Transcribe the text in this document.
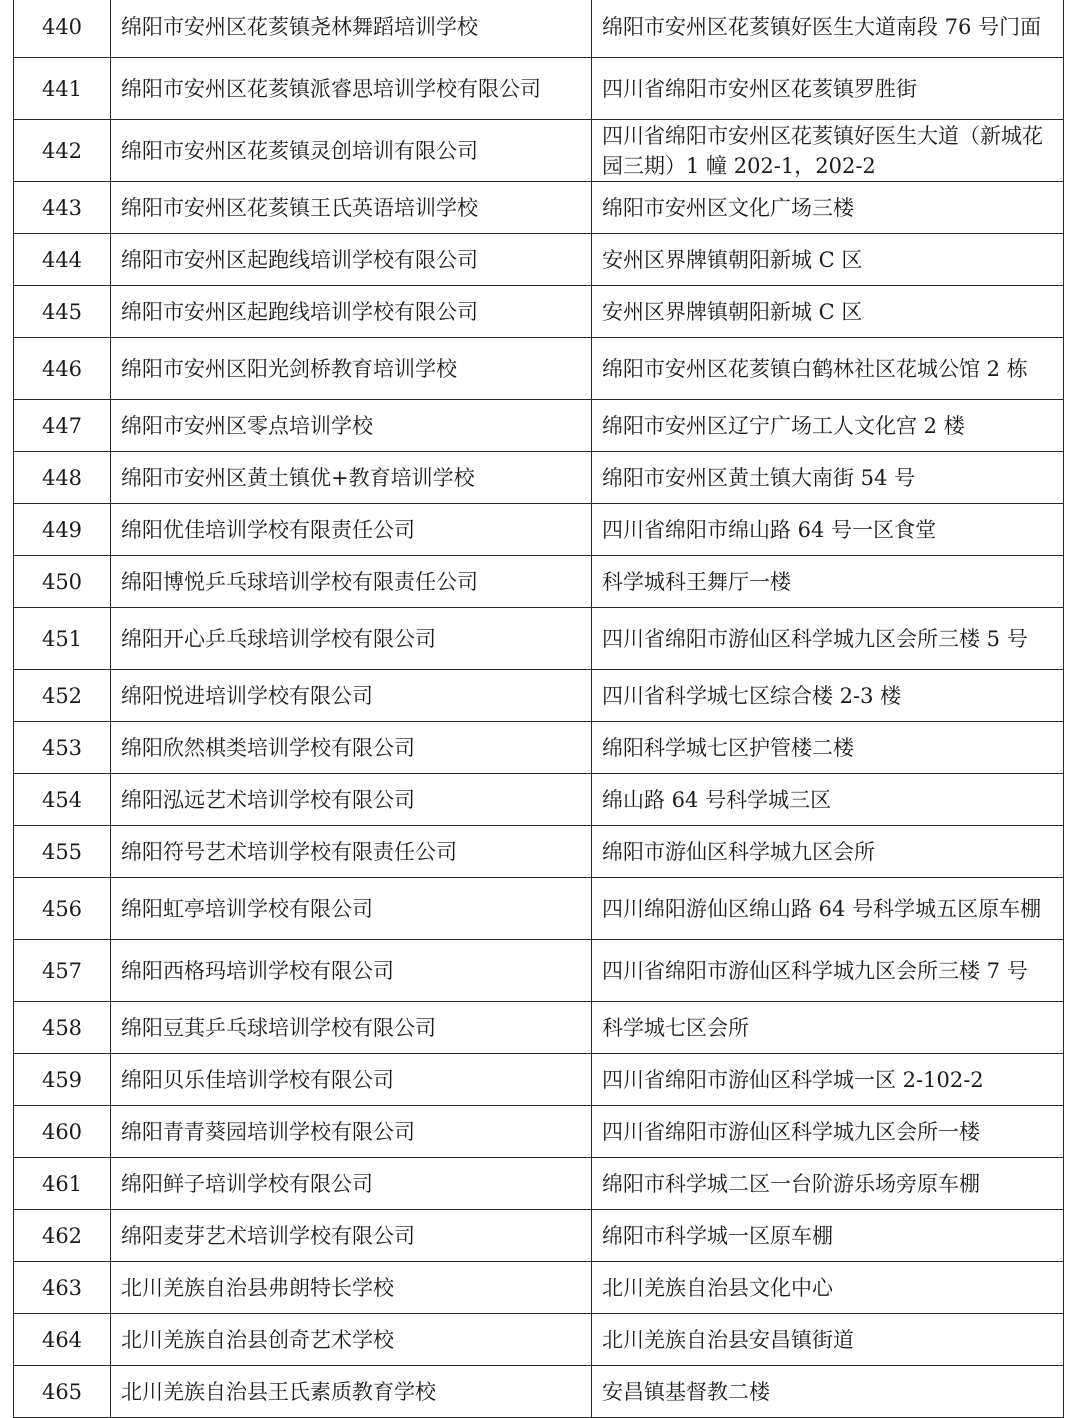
440	绵阳市安州区花荄镇尧林舞蹈培训学校	绵阳市安州区花荄镇好医生大道南段 76 号门面
441	绵阳市安州区花荄镇派睿思培训学校有限公司	四川省绵阳市安州区花荄镇罗胜街
442	绵阳市安州区花荄镇灵创培训有限公司	四川省绵阳市安州区花荄镇好医生大道（新城花园三期）1 幢 202-1，202-2
443	绵阳市安州区花荄镇王氏英语培训学校	绵阳市安州区文化广场三楼
444	绵阳市安州区起跑线培训学校有限公司	安州区界牌镇朝阳新城 C 区
445	绵阳市安州区起跑线培训学校有限公司	安州区界牌镇朝阳新城 C 区
446	绵阳市安州区阳光剑桥教育培训学校	绵阳市安州区花荄镇白鹤林社区花城公馆 2 栋
447	绵阳市安州区零点培训学校	绵阳市安州区辽宁广场工人文化宫 2 楼
448	绵阳市安州区黄土镇优+教育培训学校	绵阳市安州区黄土镇大南街 54 号
449	绵阳优佳培训学校有限责任公司	四川省绵阳市绵山路 64 号一区食堂
450	绵阳博悦乒乓球培训学校有限责任公司	科学城科王舞厅一楼
451	绵阳开心乒乓球培训学校有限公司	四川省绵阳市游仙区科学城九区会所三楼 5 号
452	绵阳悦进培训学校有限公司	四川省科学城七区综合楼 2-3 楼
453	绵阳欣然棋类培训学校有限公司	绵阳科学城七区护管楼二楼
454	绵阳泓远艺术培训学校有限公司	绵山路 64 号科学城三区
455	绵阳符号艺术培训学校有限责任公司	绵阳市游仙区科学城九区会所
456	绵阳虹亭培训学校有限公司	四川绵阳游仙区绵山路 64 号科学城五区原车棚
457	绵阳西格玛培训学校有限公司	四川省绵阳市游仙区科学城九区会所三楼 7 号
458	绵阳豆萁乒乓球培训学校有限公司	科学城七区会所
459	绵阳贝乐佳培训学校有限公司	四川省绵阳市游仙区科学城一区 2-102-2
460	绵阳青青葵园培训学校有限公司	四川省绵阳市游仙区科学城九区会所一楼
461	绵阳鲜子培训学校有限公司	绵阳市科学城二区一台阶游乐场旁原车棚
462	绵阳麦芽艺术培训学校有限公司	绵阳市科学城一区原车棚
463	北川羌族自治县弗朗特长学校	北川羌族自治县文化中心
464	北川羌族自治县创奇艺术学校	北川羌族自治县安昌镇街道
465	北川羌族自治县王氏素质教育学校	安昌镇基督教二楼
